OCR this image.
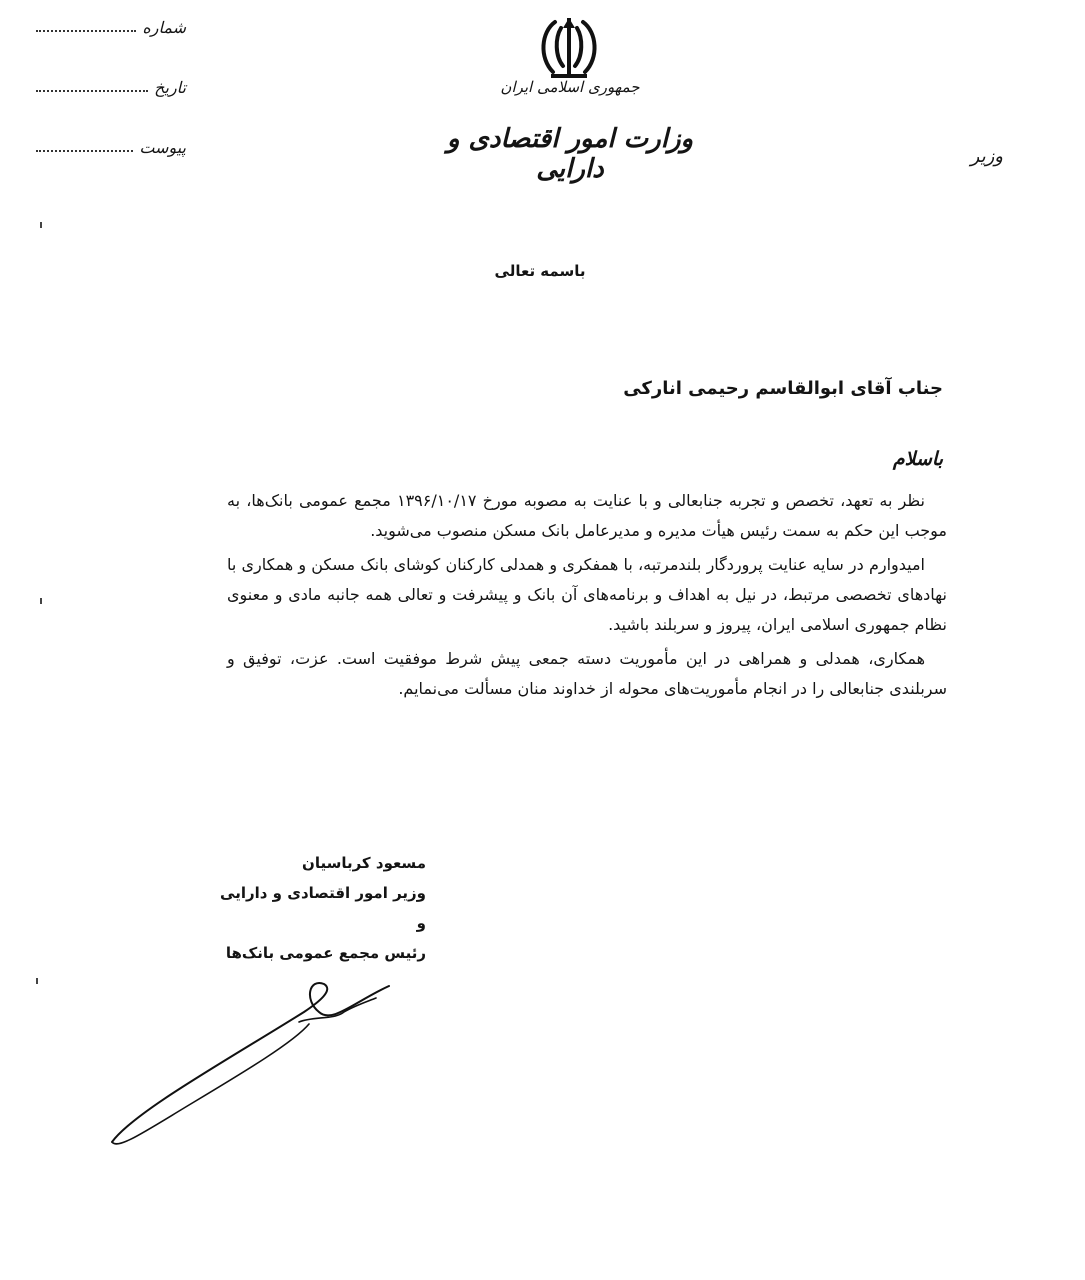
جمهوری اسلامی ایران
وزارت امور اقتصادی و دارایی	وزیر
شماره
تاریخ
پیوست
باسمه تعالی
جناب آقای ابوالقاسم رحیمی انارکی
باسلام

نظر به تعهد، تخصص و تجربه جنابعالی و با عنایت به مصوبه مورخ ۱۳۹۶/۱۰/۱۷ مجمع عمومی بانک‌ها، به موجب این حکم به سمت رئیس هیأت مدیره و مدیرعامل بانک مسکن منصوب می‌شوید.

امیدوارم در سایه عنایت پروردگار بلندمرتبه، با همفکری و همدلی کارکنان کوشای بانک مسکن و همکاری با نهادهای تخصصی مرتبط، در نیل به اهداف و برنامه‌های آن بانک و پیشرفت و تعالی همه جانبه مادی و معنوی نظام جمهوری اسلامی ایران، پیروز و سربلند باشید.

همکاری، همدلی و همراهی در این مأموریت دسته جمعی پیش شرط موفقیت است. عزت، توفیق و سربلندی جنابعالی را در انجام مأموریت‌های محوله از خداوند منان مسألت می‌نمایم.

مسعود کرباسیان
وزیر امور اقتصادی و دارایی
و
رئیس مجمع عمومی بانک‌ها
